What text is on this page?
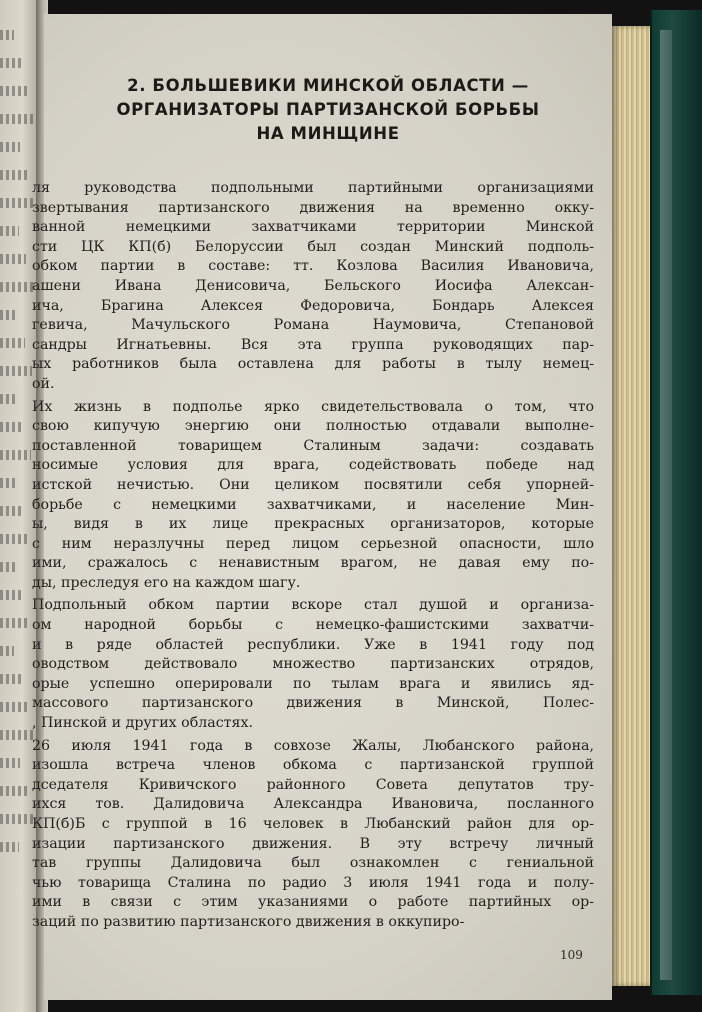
2. БОЛЬШЕВИКИ МИНСКОЙ ОБЛАСТИ —
ОРГАНИЗАТОРЫ ПАРТИЗАНСКОЙ БОРЬБЫ
НА МИНЩИНЕ

ля руководства подпольными партийными организациями
звертывания партизанского движения на временно окку-
ванной немецкими захватчиками территории Минской
сти ЦК КП(б) Белоруссии был создан Минский подполь-
обком партии в составе: тт. Козлова Василия Ивановича,
ашени Ивана Денисовича, Бельского Иосифа Алексан-
ича, Брагина Алексея Федоровича, Бондарь Алексея
гевича, Мачульского Романа Наумовича, Степановой
сандры Игнатьевны. Вся эта группа руководящих пар-
ых работников была оставлена для работы в тылу немец-
ой.

Их жизнь в подполье ярко свидетельствовала о том, что
свою кипучую энергию они полностью отдавали выполне-
поставленной товарищем Сталиным задачи: создавать
носимые условия для врага, содействовать победе над
истской нечистью. Они целиком посвятили себя упорней-
борьбе с немецкими захватчиками, и население Мин-
ы, видя в их лице прекрасных организаторов, которые
с ним неразлучны перед лицом серьезной опасности, шло
ими, сражалось с ненавистным врагом, не давая ему по-
ды, преследуя его на каждом шагу.

Подпольный обком партии вскоре стал душой и организа-
ом народной борьбы с немецко-фашистскими захватчи-
и в ряде областей республики. Уже в 1941 году под
оводством действовало множество партизанских отрядов,
орые успешно оперировали по тылам врага и явились яд-
массового партизанского движения в Минской, Полес-
, Пинской и других областях.

26 июля 1941 года в совхозе Жалы, Любанского района,
изошла встреча членов обкома с партизанской группой
дседателя Кривичского районного Совета депутатов тру-
ихся тов. Далидовича Александра Ивановича, посланного
КП(б)Б с группой в 16 человек в Любанский район для ор-
изации партизанского движения. В эту встречу личный
тав группы Далидовича был ознакомлен с гениальной
чью товарища Сталина по радио 3 июля 1941 года и полу-
ими в связи с этим указаниями о работе партийных ор-
заций по развитию партизанского движения в оккупиро-

109
